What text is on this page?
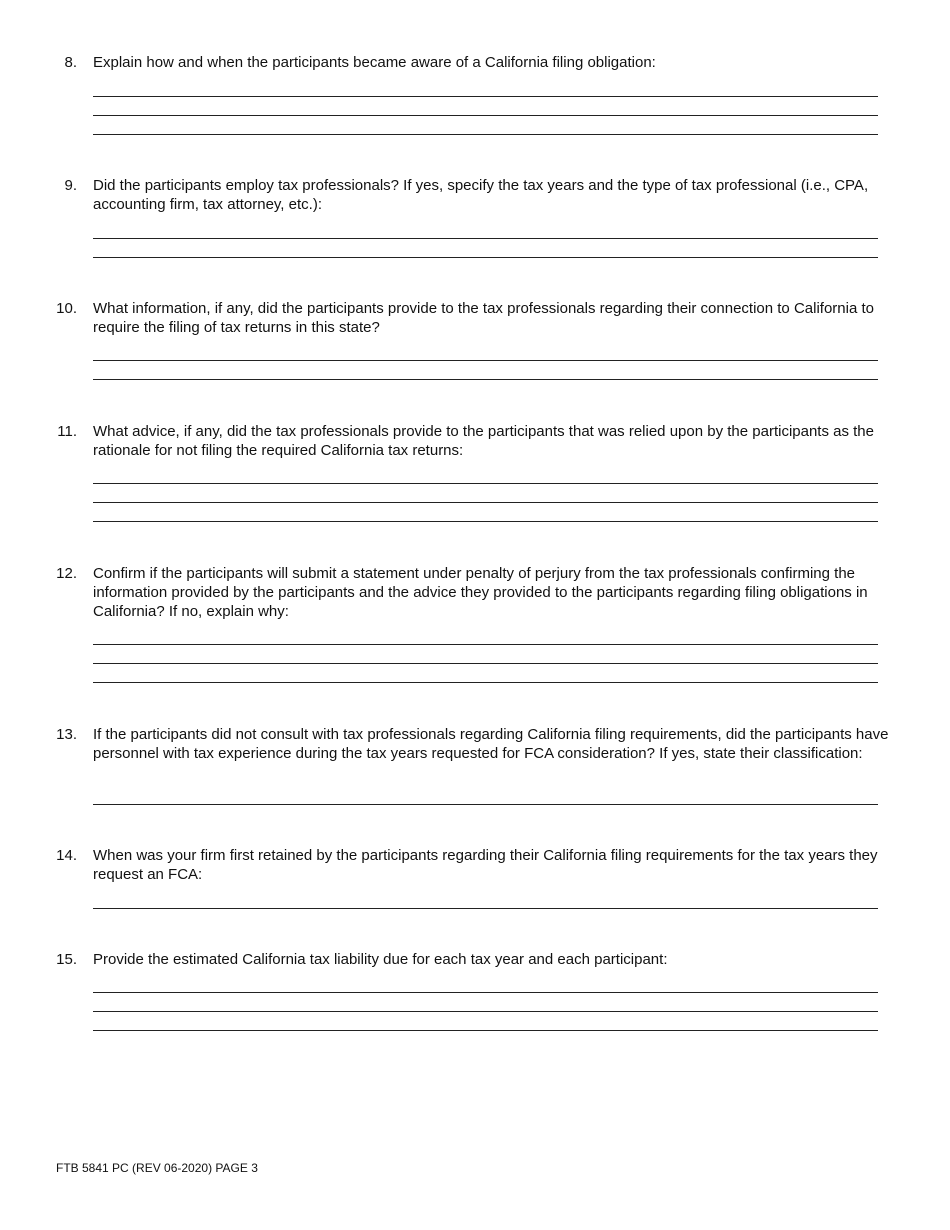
8. Explain how and when the participants became aware of a California filing obligation:
9. Did the participants employ tax professionals? If yes, specify the tax years and the type of tax professional (i.e., CPA, accounting firm, tax attorney, etc.):
10. What information, if any, did the participants provide to the tax professionals regarding their connection to California to require the filing of tax returns in this state?
11. What advice, if any, did the tax professionals provide to the participants that was relied upon by the participants as the rationale for not filing the required California tax returns:
12. Confirm if the participants will submit a statement under penalty of perjury from the tax professionals confirming the information provided by the participants and the advice they provided to the participants regarding filing obligations in California? If no, explain why:
13. If the participants did not consult with tax professionals regarding California filing requirements, did the participants have personnel with tax experience during the tax years requested for FCA consideration? If yes, state their classification:
14. When was your firm first retained by the participants regarding their California filing requirements for the tax years they request an FCA:
15. Provide the estimated California tax liability due for each tax year and each participant:
FTB 5841 PC (REV 06-2020) PAGE 3
